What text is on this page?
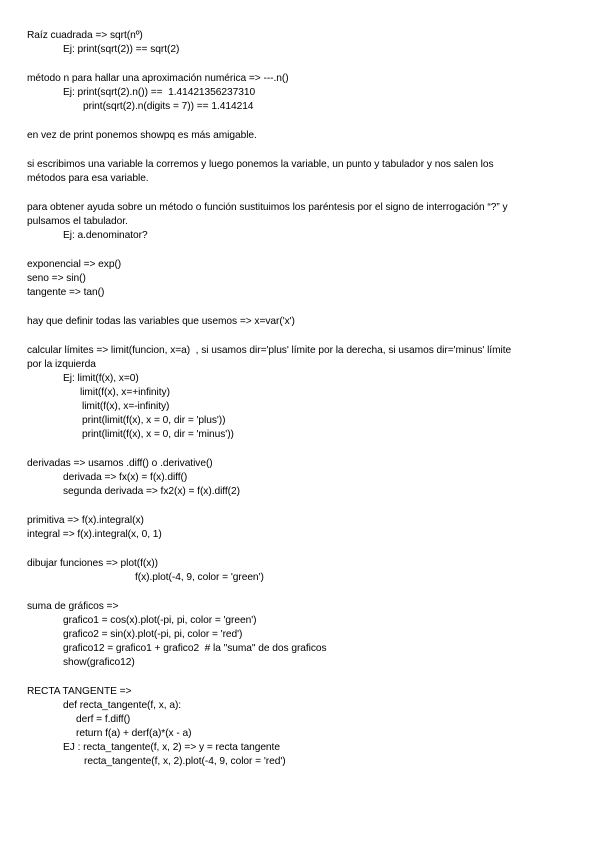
Raíz cuadrada => sqrt(nº)
Ej: print(sqrt(2)) == sqrt(2)
método n para hallar una aproximación numérica => ---.n()
Ej: print(sqrt(2).n()) ==  1.41421356237310
print(sqrt(2).n(digits = 7)) == 1.414214
en vez de print ponemos showpq es más amigable.
si escribimos una variable la corremos y luego ponemos la variable, un punto y tabulador y nos salen los
métodos para esa variable.
para obtener ayuda sobre un método o función sustituimos los paréntesis por el signo de interrogación “?” y
pulsamos el tabulador.
Ej: a.denominator?
exponencial => exp()
seno => sin()
tangente => tan()
hay que definir todas las variables que usemos => x=var('x')
calcular límites => limit(funcion, x=a)  , si usamos dir='plus' límite por la derecha, si usamos dir='minus' límite
por la izquierda
Ej: limit(f(x), x=0)
limit(f(x), x=+infinity)
limit(f(x), x=-infinity)
print(limit(f(x), x = 0, dir = 'plus'))
print(limit(f(x), x = 0, dir = 'minus'))
derivadas => usamos .diff() o .derivative()
derivada => fx(x) = f(x).diff()
segunda derivada => fx2(x) = f(x).diff(2)
primitiva => f(x).integral(x)
integral => f(x).integral(x, 0, 1)
dibujar funciones => plot(f(x))
f(x).plot(-4, 9, color = 'green')
suma de gráficos =>
grafico1 = cos(x).plot(-pi, pi, color = 'green')
grafico2 = sin(x).plot(-pi, pi, color = 'red')
grafico12 = grafico1 + grafico2  # la "suma" de dos graficos
show(grafico12)
RECTA TANGENTE =>
def recta_tangente(f, x, a):
derf = f.diff()
return f(a) + derf(a)*(x - a)
EJ : recta_tangente(f, x, 2) => y = recta tangente
recta_tangente(f, x, 2).plot(-4, 9, color = 'red')
